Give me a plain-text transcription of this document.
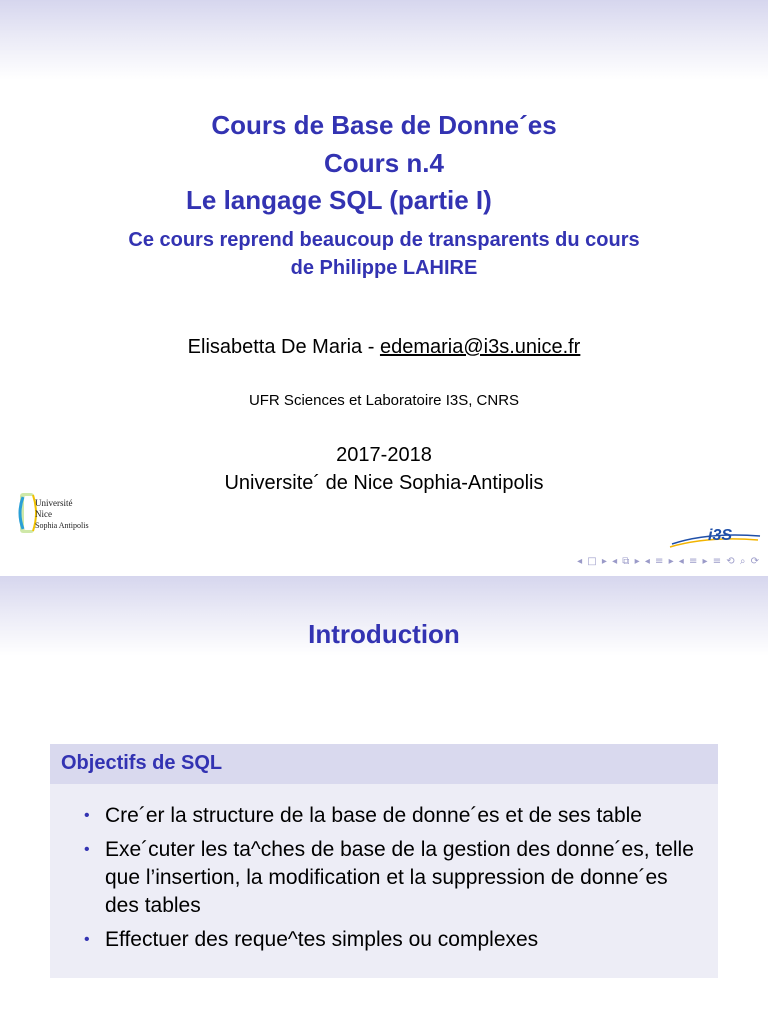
Cours de Base de Donne´es
Cours n.4
Le langage SQL (partie I)
Ce cours reprend beaucoup de transparents du cours
de Philippe LAHIRE
Elisabetta De Maria - edemaria@i3s.unice.fr
UFR Sciences et Laboratoire I3S, CNRS
2017-2018
Universite´ de Nice Sophia-Antipolis
Université
Nice
Sophia Antipolis
i3S
◂ □ ▸ ◂ ⧉ ▸ ◂ ≡ ▸ ◂ ≡ ▸ ≡ ⟲ ⌕ ⟳
Introduction
Objectifs de SQL
• Cre´er la structure de la base de donne´es et de ses table
• Exe´cuter les ta^ches de base de la gestion des donne´es, telle que l’insertion, la modification et la suppression de donne´es des tables
• Effectuer des reque^tes simples ou complexes
